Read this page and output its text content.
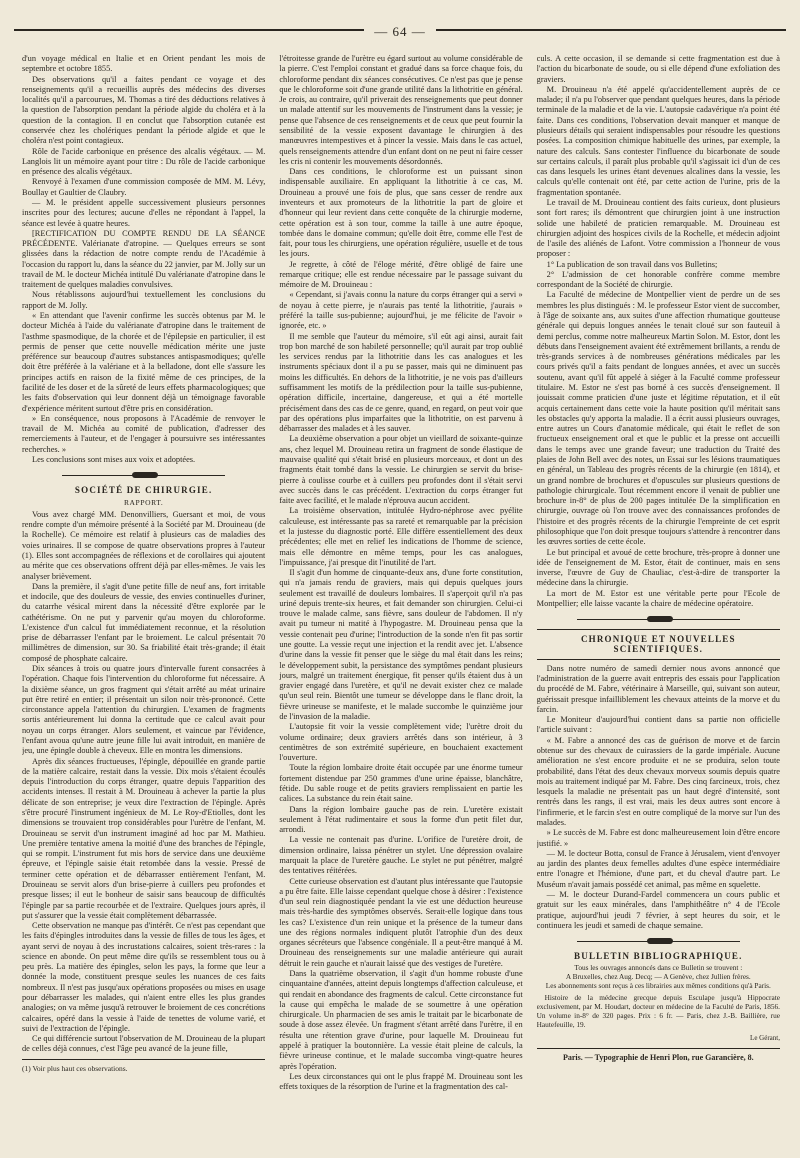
— 64 —

d'un voyage médical en Italie et en Orient pendant les mois de septembre et octobre 1855.

Des observations qu'il a faites pendant ce voyage et des renseignements qu'il a recueillis auprès des médecins des diverses localités qu'il a parcourues, M. Thomas a tiré des déductions relatives à la question de l'absorption pendant la période algide du choléra et à la question de la contagion. Il en conclut que l'absorption cutanée est conservée chez les cholériques pendant la période algide et que le choléra n'est point contagieux.

Rôle de l'acide carbonique en présence des alcalis végétaux. — M. Langlois lit un mémoire ayant pour titre : Du rôle de l'acide carbonique en présence des alcalis végétaux.

Renvoyé à l'examen d'une commission composée de MM. M. Lévy, Boullay et Gaultier de Claubry.

— M. le président appelle successivement plusieurs personnes inscrites pour des lectures; aucune d'elles ne répondant à l'appel, la séance est levée à quatre heures.

[RECTIFICATION DU COMPTE RENDU DE LA SÉANCE PRÉCÉDENTE. Valérianate d'atropine. — Quelques erreurs se sont glissées dans la rédaction de notre compte rendu de l'Académie à l'occasion du rapport lu, dans la séance du 22 janvier, par M. Jolly sur un travail de M. le docteur Michéa intitulé Du valérianate d'atropine dans le traitement de quelques maladies convulsives.

Nous rétablissons aujourd'hui textuellement les conclusions du rapport de M. Jolly.

« En attendant que l'avenir confirme les succès obtenus par M. le docteur Michéa à l'aide du valérianate d'atropine dans le traitement de l'asthme spasmodique, de la chorée et de l'épilepsie en particulier, il est permis de penser que cette nouvelle médication mérite une juste préférence sur beaucoup d'autres substances antispasmodiques; qu'elle doit être préférée à la valériane et à la belladone, dont elle s'assure les principes actifs en raison de la fixité même de ces principes, de la facilité de les doser et de la sûreté de leurs effets pharmacologiques; que les faits d'observation qui leur donnent déjà un témoignage favorable d'expérience méritent surtout d'être pris en considération.

» En conséquence, nous proposons à l'Académie de renvoyer le travail de M. Michéa au comité de publication, d'adresser des remerciements à l'auteur, et de l'engager à poursuivre ses intéressantes recherches. »

Les conclusions sont mises aux voix et adoptées.

SOCIÉTÉ DE CHIRURGIE.
RAPPORT.

Vous avez chargé MM. Denonvilliers, Guersant et moi, de vous rendre compte d'un mémoire présenté à la Société par M. Drouineau (de la Rochelle). Ce mémoire est relatif à plusieurs cas de maladies des voies urinaires. Il se compose de quatre observations propres à l'auteur (1). Elles sont accompagnées de réflexions et de corollaires qui ajoutent au mérite que ces observations offrent déjà par elles-mêmes. Je vais les analyser brièvement.

Dans la première, il s'agit d'une petite fille de neuf ans, fort irritable et indocile, que des douleurs de vessie, des envies continuelles d'uriner, du catarrhe vésical mirent dans la nécessité d'être explorée par le cathétérisme. On ne put y parvenir qu'au moyen du chloroforme. L'existence d'un calcul fut immédiatement reconnue, et la résolution prise de débarrasser l'enfant par le broiement. Le calcul présentait 70 millimètres de dimension, sur 30. Sa friabilité était très-grande; il était composé de phosphate calcaire.

Dix séances à trois ou quatre jours d'intervalle furent consacrées à l'opération. Chaque fois l'intervention du chloroforme fut nécessaire. A la dixième séance, un gros fragment qui s'était arrêté au méat urinaire put être retiré en entier; il présentait un silon noir très-prononcé. Cette circonstance appela l'attention du chirurgien. L'examen de fragments sortis antérieurement lui donna la certitude que ce calcul avait pour noyau un corps étranger. Alors seulement, et vaincue par l'évidence, l'enfant avoua qu'une autre jeune fille lui avait introduit, en manière de jeu, une épingle double à cheveux. Elle en montra les dimensions.

Après dix séances fructueuses, l'épingle, dépouillée en grande partie de la matière calcaire, restait dans la vessie. Dix mois s'étaient écoulés depuis l'introduction du corps étranger, quatre depuis l'apparition des accidents intenses. Il restait à M. Drouineau à achever la partie la plus délicate de son entreprise; je veux dire l'extraction de l'épingle. Après s'être procuré l'instrument ingénieux de M. Le Roy-d'Etiolles, dont les dimensions se trouvaient trop considérables pour l'urètre de l'enfant, M. Drouineau se servit d'un instrument imaginé ad hoc par M. Mathieu. Une première tentative amena la moitié d'une des branches de l'épingle, qui se rompit. L'instrument fut mis hors de service dans une deuxième épreuve, et l'épingle saisie était retombée dans la vessie. Pressé de terminer cette opération et de débarrasser entièrement l'enfant, M. Drouineau se servit alors d'un brise-pierre à cuillers peu profondes et presque lisses; il eut le bonheur de saisir sans beaucoup de difficultés l'épingle par sa partie recourbée et de l'extraire. Quelques jours après, il put s'assurer que la vessie était complètement débarrassée.

Cette observation ne manque pas d'intérêt. Ce n'est pas cependant que les faits d'épingles introduites dans la vessie de filles de tous les âges, et ayant servi de noyau à des incrustations calcaires, soient très-rares : la science en abonde. On peut même dire qu'ils se ressemblent tous ou à peu près. La matière des épingles, selon les pays, la forme que leur a donnée la mode, constituent presque seules les nuances de ces faits nombreux. Il n'est pas jusqu'aux opérations proposées ou mises en usage pour débarrasser les malades, qui n'aient entre elles les plus grandes analogies; on va même jusqu'à retrouver le broiement de ces concrétions calcaires, opéré dans la vessie à l'aide de tenettes de volume varié, et suivi de l'extraction de l'épingle.

Ce qui différencie surtout l'observation de M. Drouineau de la plupart de celles déjà connues, c'est l'âge peu avancé de la jeune fille,

(1) Voir plus haut ces observations.

l'étroitesse grande de l'urètre eu égard surtout au volume considérable de la pierre. C'est l'emploi constant et gradué dans sa force chaque fois, du chloroforme pendant dix séances consécutives. Ce n'est pas que je pense que le chloroforme soit d'une grande utilité dans la lithotritie en général. Je crois, au contraire, qu'il priverait des renseignements que peut donner un malade attentif sur les mouvements de l'instrument dans la vessie; je pense que l'absence de ces renseignements et de ceux que peut fournir la sensibilité de la vessie exposent davantage le chirurgien à des manœuvres intempestives et à pincer la vessie. Mais dans le cas actuel, quels renseignements attendre d'un enfant dont on ne peut ni faire cesser les cris ni contenir les mouvements désordonnés.

Dans ces conditions, le chloroforme est un puissant sinon indispensable auxiliaire. En appliquant la lithotritie à ce cas, M. Drouineau a prouvé une fois de plus, que sans cesser de rendre aux inventeurs et aux promoteurs de la lithotritie la part de gloire et d'honneur qui leur revient dans cette conquête de la chirurgie moderne, cette opération est à son tour, comme la taille à une autre époque, tombée dans le domaine commun; qu'elle doit être, comme elle l'est de fait, pour tous les chirurgiens, une opération régulière, usuelle et de tous les jours.

Je regrette, à côté de l'éloge mérité, d'être obligé de faire une remarque critique; elle est rendue nécessaire par le passage suivant du mémoire de M. Drouineau :

« Cependant, si j'avais connu la nature du corps étranger qui a servi » de noyau à cette pierre, je n'aurais pas tenté la lithotritie, j'aurais » préféré la taille sus-pubienne; aujourd'hui, je me félicite de l'avoir » ignorée, etc. »

Il me semble que l'auteur du mémoire, s'il eût agi ainsi, aurait fait trop bon marché de son habileté personnelle; qu'il aurait par trop oublié les services rendus par la lithotritie dans les cas analogues et les instruments spéciaux dont il a pu se passer, mais qui ne diminuent pas moins les difficultés. En dehors de la lithotritie, je ne vois pas d'ailleurs suffisamment les motifs de la prédilection pour la taille sus-pubienne, opération difficile, incertaine, dangereuse, et qui a été mortelle précisément dans des cas de ce genre, quand, en regard, on peut voir que par des opérations plus imparfaites que la lithotritie, on est parvenu à débarrasser des malades et à les sauver.

La deuxième observation a pour objet un vieillard de soixante-quinze ans, chez lequel M. Drouineau retira un fragment de sonde élastique de mauvaise qualité qui s'était brisé en plusieurs morceaux, et dont un des fragments était tombé dans la vessie. Le chirurgien se servit du brise-pierre à coulisse courbe et à cuillers peu profondes dont il s'était servi avec succès dans le cas précédent. L'extraction du corps étranger fut faite avec facilité, et le malade n'éprouva aucun accident.

La troisième observation, intitulée Hydro-néphrose avec pyélite calculeuse, est intéressante pas sa rareté et remarquable par la précision et la justesse du diagnostic porté. Elle diffère essentiellement des deux précédentes; elle met en relief les indications de l'homme de science, mais elle démontre en même temps, pour les cas analogues, l'impuissance, j'ai presque dit l'inutilité de l'art.

Il s'agit d'un homme de cinquante-deux ans, d'une forte constitution, qui n'a jamais rendu de graviers, mais qui depuis quelques jours seulement est travaillé de douleurs lombaires. Il s'aperçoit qu'il n'a pas uriné depuis trente-six heures, et fait demander son chirurgien. Celui-ci trouve le malade calme, sans fièvre, sans douleur de l'abdomen. Il n'y avait pu tumeur ni matité à l'hypogastre. M. Drouineau pensa que la vessie contenait peu d'urine; l'introduction de la sonde n'en fit pas sortir une goutte. La vessie reçut une injection et la rendit avec jet. L'absence d'urine dans la vessie fit penser que le siège du mal était dans les reins; le développement subit, la persistance des symptômes pendant plusieurs jours, malgré un traitement énergique, fit penser qu'ils étaient dus à un gravier engagé dans l'uretère, et qu'il ne devait exister chez ce malade qu'un seul rein. Bientôt une tumeur se développe dans le flanc droit, la fièvre urineuse se manifeste, et le malade succombe le quinzième jour de l'invasion de la maladie.

L'autopsie fit voir la vessie complètement vide; l'urètre droit du volume ordinaire; deux graviers arrêtés dans son intérieur, à 3 centimètres de son extrémité supérieure, en bouchaient exactement l'ouverture.

Toute la région lombaire droite était occupée par une énorme tumeur fortement distendue par 250 grammes d'une urine épaisse, blanchâtre, fétide. Du sable rouge et de petits graviers remplissaient en partie les calices. La substance du rein était saine.

Dans la région lombaire gauche pas de rein. L'uretère existait seulement à l'état rudimentaire et sous la forme d'un petit filet dur, arrondi.

La vessie ne contenait pas d'urine. L'orifice de l'uretère droit, de dimension ordinaire, laissa pénétrer un stylet. Une dépression ovalaire marquait la place de l'uretère gauche. Le stylet ne put pénétrer, malgré des tentatives réitérées.

Cette curieuse observation est d'autant plus intéressante que l'autopsie a pu être faite. Elle laisse cependant quelque chose à désirer : l'existence d'un seul rein diagnostiquée pendant la vie est une déduction heureuse mais très-hardie des symptômes observés. Serait-elle logique dans tous les cas? L'existence d'un rein unique et la présence de la tumeur dans une des régions normales indiquent plutôt l'atrophie d'un des deux organes sécréteurs que l'absence congéniale. Il a peut-être manqué à M. Drouineau des renseignements sur une maladie antérieure qui aurait détruit le rein gauche et n'aurait laissé que des vestiges de l'uretère.

Dans la quatrième observation, il s'agit d'un homme robuste d'une cinquantaine d'années, atteint depuis longtemps d'affection calculeuse, et qui rendait en abondance des fragments de calcul. Cette circonstance fut la cause qui empêcha le malade de se soumettre à une opération chirurgicale. Un pharmacien de ses amis le traitait par le bicarbonate de soude à dose assez élevée. Un fragment s'étant arrêté dans l'urètre, il en résulta une rétention grave d'urine, pour laquelle M. Drouineau fut appelé à pratiquer la boutonnière. La vessie était pleine de calculs, la fièvre urineuse continue, et le malade succomba vingt-quatre heures après l'opération.

Les deux circonstances qui ont le plus frappé M. Drouineau sont les effets toxiques de la résorption de l'urine et la fragmentation des cal-

culs. A cette occasion, il se demande si cette fragmentation est due à l'action du bicarbonate de soude, ou si elle dépend d'une exfoliation des graviers.

M. Drouineau n'a été appelé qu'accidentellement auprès de ce malade; il n'a pu l'observer que pendant quelques heures, dans la période terminale de la maladie et de la vie. L'autopsie cadavérique n'a point été faite. Dans ces conditions, l'observation devait manquer et manque de plusieurs détails qui seraient indispensables pour résoudre les questions posées. La composition chimique habituelle des urines, par exemple, la nature des calculs. Sans contester l'influence du bicarbonate de soude sur certains calculs, il paraît plus probable qu'il s'agissait ici d'un de ces cas dans lesquels les urines étant devenues alcalines dans la vessie, les calculs qu'elle contenait ont été, par cette action de l'urine, pris de la fragmentation spontanée.

Le travail de M. Drouineau contient des faits curieux, dont plusieurs sont fort rares; ils démontrent que chirurgien joint à une instruction solide une habileté de praticien remarquable. M. Drouineau est chirurgien adjoint des hospices civils de la Rochelle, et médecin adjoint de l'asile des aliénés de Lafont. Votre commission a l'honneur de vous proposer :

1° La publication de son travail dans vos Bulletins;

2° L'admission de cet honorable confrère comme membre correspondant de la Société de chirurgie.

La Faculté de médecine de Montpellier vient de perdre un de ses membres les plus distingués : M. le professeur Estor vient de succomber, à l'âge de soixante ans, aux suites d'une affection rhumatique goutteuse générale qui depuis longues années le tenait cloué sur son fauteuil à demi perclus, comme notre malheureux Martin Solon. M. Estor, dont les débuts dans l'enseignement avaient été extrêmement brillants, a rendu de très-grands services à de nombreuses générations médicales par les cours privés qu'il a faits pendant de longues années, et avec un succès soutenu, avant qu'il fût appelé à siéger à la Faculté comme professeur titulaire. M. Estor ne s'est pas borné à ces succès d'enseignement. Il jouissait comme praticien d'une juste et légitime réputation, et il eût acquis certainement dans cette voie la haute position qu'il méritait sans les obstacles qu'y apporta la maladie. Il a écrit aussi plusieurs ouvrages, entre autres un Cours d'anatomie médicale, qui était le reflet de son fructueux enseignement oral et que le public et la presse ont accueilli dans le temps avec une grande faveur; une traduction du Traité des plaies de John Bell avec des notes, un Essai sur les lésions traumatiques en général, un Tableau des progrès récents de la chirurgie (en 1814), et un grand nombre de brochures et d'opuscules sur plusieurs questions de pathologie chirurgicale. Tout récemment encore il venait de publier une brochure in-8° de plus de 200 pages intitulée De la simplification en chirurgie, ouvrage où l'on trouve avec des connaissances profondes de l'histoire et des progrès récents de la chirurgie l'empreinte de cet esprit philosophique que l'on doit presque toujours s'attendre à rencontrer dans les œuvres sorties de cette école.

Le but principal et avoué de cette brochure, très-propre à donner une idée de l'enseignement de M. Estor, était de continuer, mais en sens inverse, l'œuvre de Guy de Chauliac, c'est-à-dire de transporter la médecine dans la chirurgie.

La mort de M. Estor est une véritable perte pour l'Ecole de Montpellier; elle laisse vacante la chaire de médecine opératoire.

CHRONIQUE ET NOUVELLES SCIENTIFIQUES.

Dans notre numéro de samedi dernier nous avons annoncé que l'administration de la guerre avait entrepris des essais pour l'application du procédé de M. Fabre, vétérinaire à Marseille, qui, suivant son auteur, guérissait presque infailliblement les chevaux atteints de la morve et du farcin.

Le Moniteur d'aujourd'hui contient dans sa partie non officielle l'article suivant :

« M. Fabre a annoncé des cas de guérison de morve et de farcin obtenue sur des chevaux de cuirassiers de la garde impériale. Aucune amélioration ne s'est encore produite et ne se produira, selon toute probabilité, dans l'état des deux chevaux morveux soumis depuis quatre mois au traitement indiqué par M. Fabre. Des cinq farcineux, trois, chez lesquels la maladie ne présentait pas un haut degré d'intensité, sont rentrés dans les rangs, il est vrai, mais les deux autres sont encore à l'infirmerie, et le farcin s'est en outre compliqué de la morve sur l'un des malades.

» Le succès de M. Fabre est donc malheureusement loin d'être encore justifié. »

— M. le docteur Botta, consul de France à Jérusalem, vient d'envoyer au jardin des plantes deux femelles adultes d'une espèce intermédiaire entre l'onagre et l'hémione, d'une part, et du cheval d'autre part. Le Muséum n'avait jamais possédé cet animal, pas même en squelette.

— M. le docteur Durand-Fardel commencera un cours public et gratuit sur les eaux minérales, dans l'amphithéâtre n° 4 de l'Ecole pratique, aujourd'hui jeudi 7 février, à sept heures du soir, et le continuera les jeudi et samedi de chaque semaine.

BULLETIN BIBLIOGRAPHIQUE.
Tous les ouvrages annoncés dans ce Bulletin se trouvent :
A Bruxelles, chez Aug. Decq; — A Genève, chez Jullien frères.
Les abonnements sont reçus à ces librairies aux mêmes conditions qu'à Paris.

Histoire de la médecine grecque depuis Esculape jusqu'à Hippocrate exclusivement, par M. Houdart, docteur en médecine de la Faculté de Paris, 1856. Un volume in-8° de 320 pages. Prix : 6 fr. — Paris, chez J.-B. Baillière, rue Hautefeuille, 19.

Le Gérant,
Paris. — Typographie de Henri Plon, rue Garancière, 8.
